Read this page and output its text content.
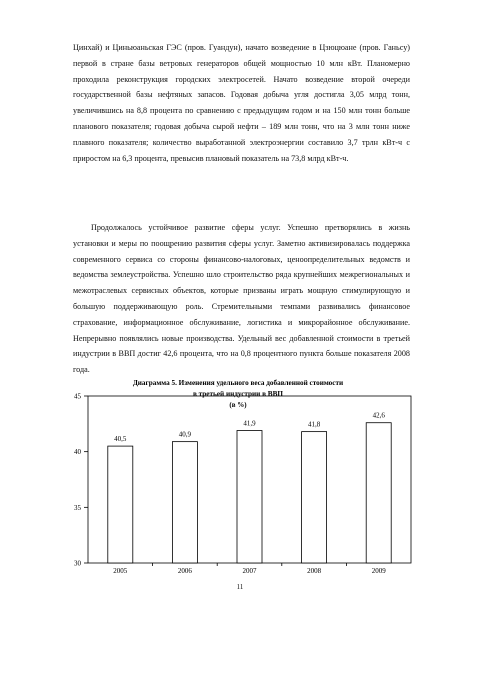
Цинхай) и Циньюаньская ГЭС (пров. Гуандун), начато возведение в Цзюцюане (пров. Ганьсу) первой в стране базы ветровых генераторов общей мощностью 10 млн кВт. Планомерно проходила реконструкция городских электросетей. Начато возведение второй очереди государственной базы нефтяных запасов. Годовая добыча угля достигла 3,05 млрд тонн, увеличившись на 8,8 процента по сравнению с предыдущим годом и на 150 млн тонн больше планового показателя; годовая добыча сырой нефти – 189 млн тонн, что на 3 млн тонн ниже плавного показателя; количество выработанной электроэнергии составило 3,7 трлн кВт-ч с приростом на 6,3 процента, превысив плановый показатель на 73,8 млрд кВт-ч.

Продолжалось устойчивое развитие сферы услуг. Успешно претворялись в жизнь установки и меры по поощрению развития сферы услуг. Заметно активизировалась поддержка современного сервиса со стороны финансово-налоговых, ценоопределительных ведомств и ведомства землеустройства. Успешно шло строительство ряда крупнейших межрегиональных и межотраслевых сервисных объектов, которые призваны играть мощную стимулирующую и большую поддерживающую роль. Стремительными темпами развивались финансовое страхование, информационное обслуживание, логистика и микрорайонное обслуживание. Непрерывно появлялись новые производства. Удельный вес добавленной стоимости в третьей индустрии в ВВП достиг 42,6 процента, что на 0,8 процентного пункта больше показателя 2008 года.

Диаграмма 5. Изменения удельного веса добавленной стоимости
в третьей индустрии в ВВП
(в %)
30
35
40
45
40,5
2005
40,9
2006
41,9
2007
41,8
2008
42,6
2009
11
